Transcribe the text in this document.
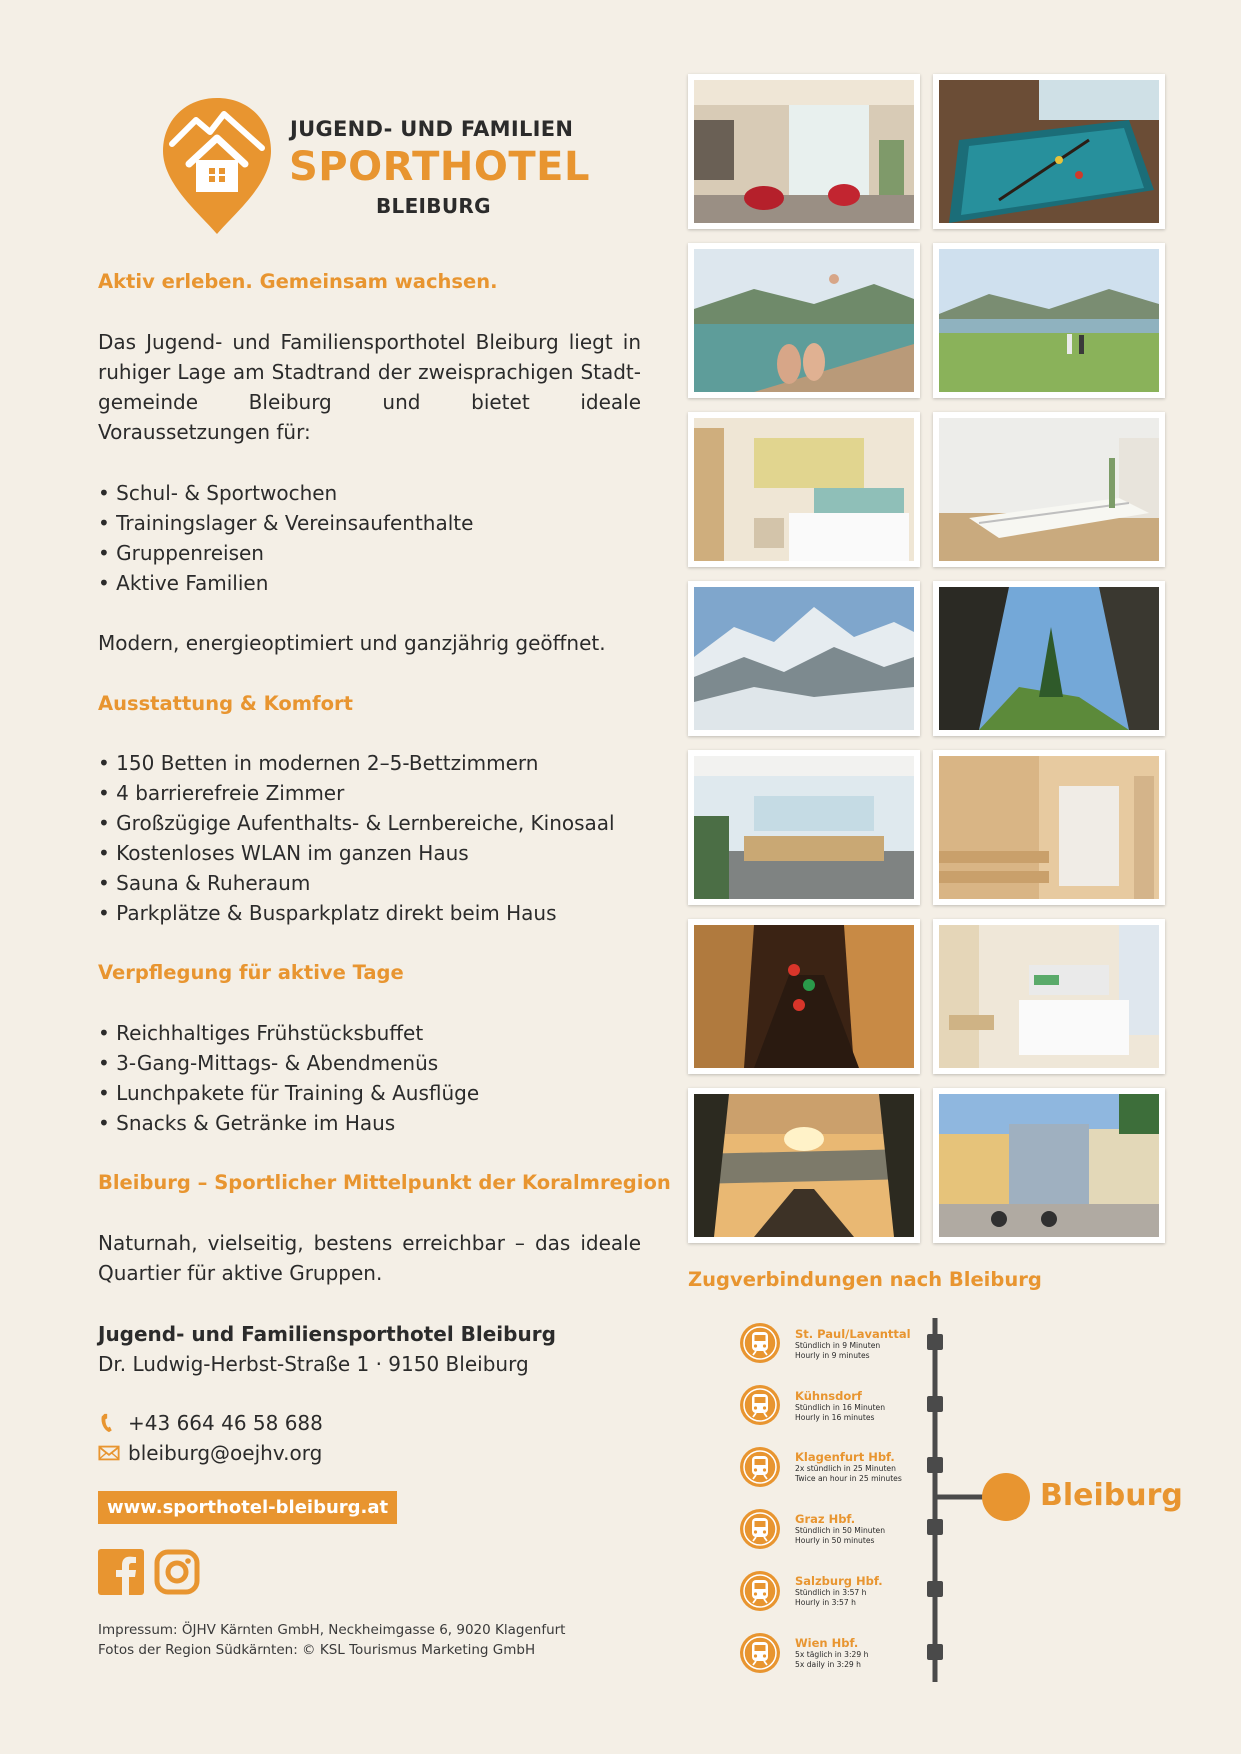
JUGEND- UND FAMILIEN
SPORTHOTEL
BLEIBURG
Aktiv erleben. Gemeinsam wachsen.

Das Jugend- und Familiensporthotel Bleiburg liegt in ruhiger Lage am Stadtrand der zweisprachigen Stadtgemeinde Bleiburg und bietet ideale Voraussetzungen für:

• Schul- & Sportwochen
• Trainingslager & Vereinsaufenthalte
• Gruppenreisen
• Aktive Familien

Modern, energieoptimiert und ganzjährig geöffnet.

Ausstattung & Komfort
• 150 Betten in modernen 2–5-Bettzimmern
• 4 barrierefreie Zimmer
• Großzügige Aufenthalts- & Lernbereiche, Kinosaal
• Kostenloses WLAN im ganzen Haus
• Sauna & Ruheraum
• Parkplätze & Busparkplatz direkt beim Haus
Verpflegung für aktive Tage
• Reichhaltiges Frühstücksbuffet
• 3-Gang-Mittags- & Abendmenüs
• Lunchpakete für Training & Ausflüge
• Snacks & Getränke im Haus
Bleiburg – Sportlicher Mittelpunkt der Koralmregion

Naturnah, vielseitig, bestens erreichbar – das ideale Quartier für aktive Gruppen.

Jugend- und Familiensporthotel Bleiburg
Dr. Ludwig-Herbst-Straße 1 · 9150 Bleiburg
+43 664 46 58 688
bleiburg@oejhv.org
www.sporthotel-bleiburg.at
Impressum: ÖJHV Kärnten GmbH, Neckheimgasse 6, 9020 Klagenfurt
Fotos der Region Südkärnten: © KSL Tourismus Marketing GmbH
Zugverbindungen nach Bleiburg
St. Paul/Lavanttal
Stündlich in 9 Minuten
Hourly in 9 minutes
Kühnsdorf
Stündlich in 16 Minuten
Hourly in 16 minutes
Klagenfurt Hbf.
2x stündlich in 25 Minuten
Twice an hour in 25 minutes
Graz Hbf.
Stündlich in 50 Minuten
Hourly in 50 minutes
Salzburg Hbf.
Stündlich in 3:57 h
Hourly in 3:57 h
Wien Hbf.
5x täglich in 3:29 h
5x daily in 3:29 h
Bleiburg
